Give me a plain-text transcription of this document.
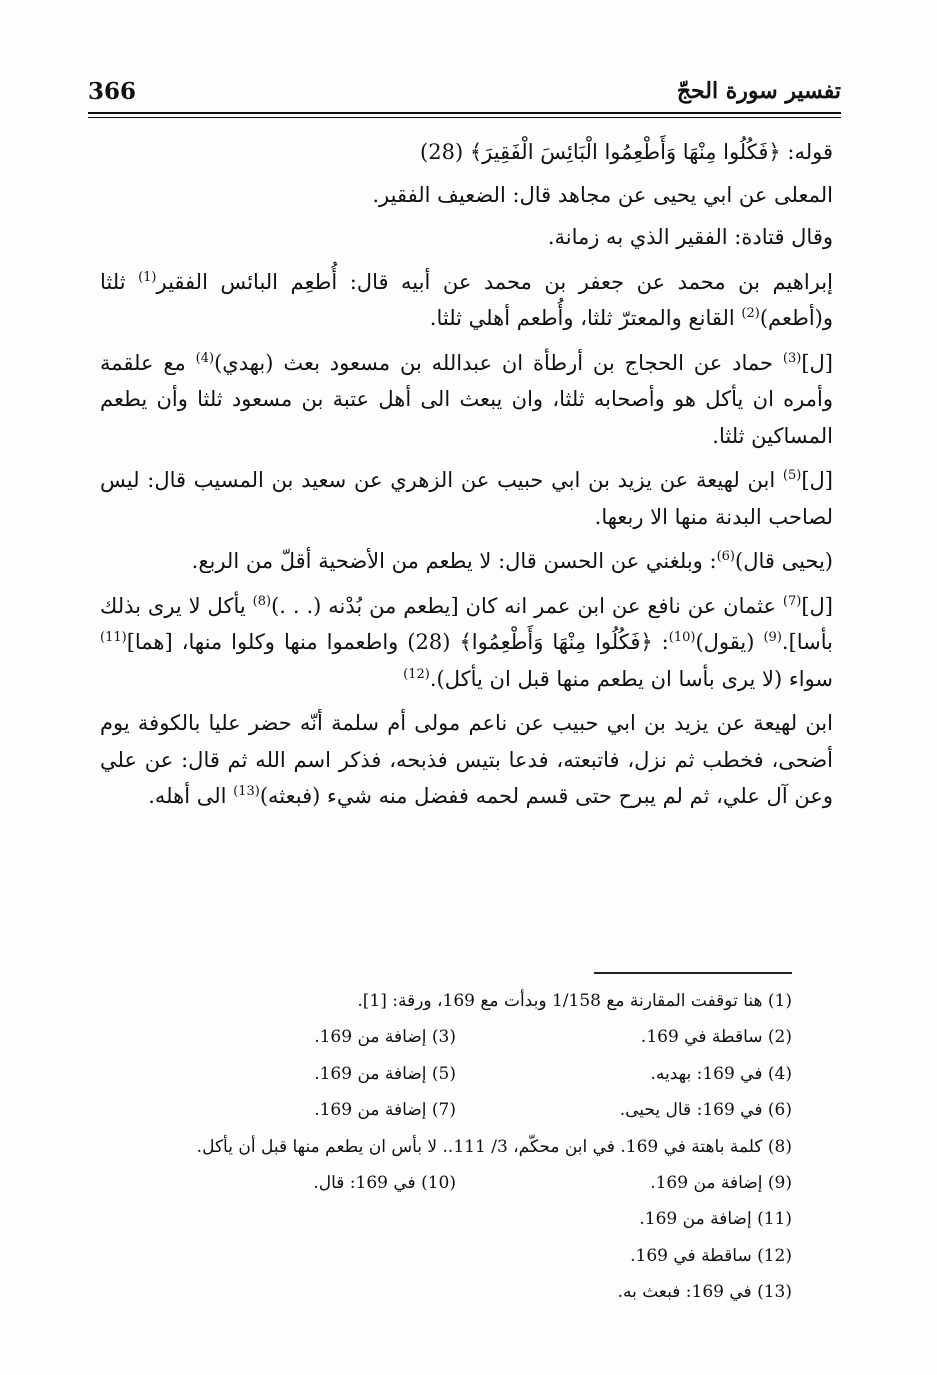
366	تفسير سورة الحجّ

قوله: ﴿فَكُلُوا مِنْهَا وَأَطْعِمُوا الْبَائِسَ الْفَقِيرَ﴾ (28)

المعلى عن ابي يحيى عن مجاهد قال: الضعيف الفقير.

وقال قتادة: الفقير الذي به زمانة.

إبراهيم بن محمد عن جعفر بن محمد عن أبيه قال: أُطعِم البائس الفقير$^{(1)}$ ثلثا و(أطعم)$^{(2)}$ القانع والمعترّ ثلثا، وأُطعم أهلي ثلثا.

[ل]$^{(3)}$ حماد عن الحجاج بن أرطأة ان عبدالله بن مسعود بعث (بهدي)$^{(4)}$ مع علقمة وأمره ان يأكل هو وأصحابه ثلثا، وان يبعث الى أهل عتبة بن مسعود ثلثا وأن يطعم المساكين ثلثا.

[ل]$^{(5)}$ ابن لهيعة عن يزيد بن ابي حبيب عن الزهري عن سعيد بن المسيب قال: ليس لصاحب البدنة منها الا ربعها.

(يحيى قال)$^{(6)}$: وبلغني عن الحسن قال: لا يطعم من الأضحية أقلّ من الربع.

[ل]$^{(7)}$ عثمان عن نافع عن ابن عمر انه كان [يطعم من بُدْنه (. . .)$^{(8)}$ يأكل لا يرى بذلك بأسا].$^{(9)}$ (يقول)$^{(10)}$: ﴿فَكُلُوا مِنْهَا وَأَطْعِمُوا﴾ (28) واطعموا منها وكلوا منها، [هما]$^{(11)}$ سواء (لا يرى بأسا ان يطعم منها قبل ان يأكل).$^{(12)}$

ابن لهيعة عن يزيد بن ابي حبيب عن ناعم مولى أم سلمة أنّه حضر عليا بالكوفة يوم أضحى، فخطب ثم نزل، فاتبعته، فدعا بتيس فذبحه، فذكر اسم الله ثم قال: عن علي وعن آل علي، ثم لم يبرح حتى قسم لحمه ففضل منه شيء (فبعثه)$^{(13)}$ الى أهله.

(1) هنا توقفت المقارنة مع 1/158 وبدأت مع 169، ورقة: [1].
(2) ساقطة في 169.
(3) إضافة من 169.
(4) في 169: بهديه.
(5) إضافة من 169.
(6) في 169: قال يحيى.
(7) إضافة من 169.
(8) كلمة باهتة في 169. في ابن محكّم، 3/ 111.. لا بأس ان يطعم منها قبل أن يأكل.
(9) إضافة من 169.
(10) في 169: قال.
(11) إضافة من 169.
(12) ساقطة في 169.
(13) في 169: فبعث به.
